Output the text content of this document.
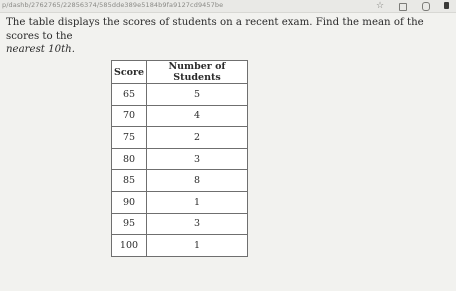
p/dashb/2762765/22856374/585dde389e5184b9fa9127cd9457be	☆
The table displays the scores of students on a recent exam. Find the mean of the scores to the
nearest 10th.
Score	Number of Students
65	5
70	4
75	2
80	3
85	8
90	1
95	3
100	1
